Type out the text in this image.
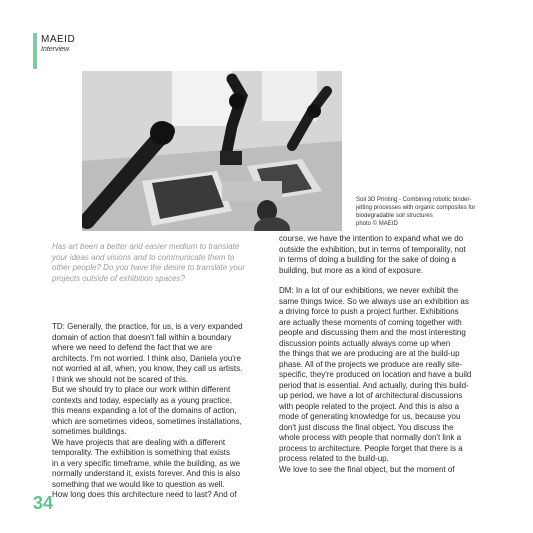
MAEID
Interview
Soil 3D Printing - Combining robotic binder-
jetting processes with organic composites for
biodegradable soil structures
photo © MAEID
Has art been a better and easier medium to translate
your ideas and visions and to communicate them to
other people? Do you have the desire to translate your
projects outside of exhibition spaces?
TD: Generally, the practice, for us, is a very expanded
domain of action that doesn't fall within a boundary
where we need to defend the fact that we are
architects. I'm not worried. I think also, Daniela you're
not worried at all, when, you know, they call us artists.
I think we should not be scared of this.
But we should try to place our work within different
contexts and today, especially as a young practice,
this means expanding a lot of the domains of action,
which are sometimes videos, sometimes installations,
sometimes buildings.
We have projects that are dealing with a different
temporality. The exhibition is something that exists
in a very specific timeframe, while the building, as we
normally understand it, exists forever. And this is also
something that we would like to question as well.
How long does this architecture need to last? And of
course, we have the intention to expand what we do
outside the exhibition, but in terms of temporality, not
in terms of doing a building for the sake of doing a
building, but more as a kind of exposure.
DM: In a lot of our exhibitions, we never exhibit the
same things twice. So we always use an exhibition as
a driving force to push a project further. Exhibitions
are actually these moments of coming together with
people and discussing them and the most interesting
discussion points actually always come up when
the things that we are producing are at the build-up
phase. All of the projects we produce are really site-
specific, they're produced on location and have a build
period that is essential. And actually, during this build-
up period, we have a lot of architectural discussions
with people related to the project. And this is also a
mode of generating knowledge for us, because you
don't just discuss the final object. You discuss the
whole process with people that normally don't link a
process to architecture. People forget that there is a
process related to the build-up.
We love to see the final object, but the moment of
34
